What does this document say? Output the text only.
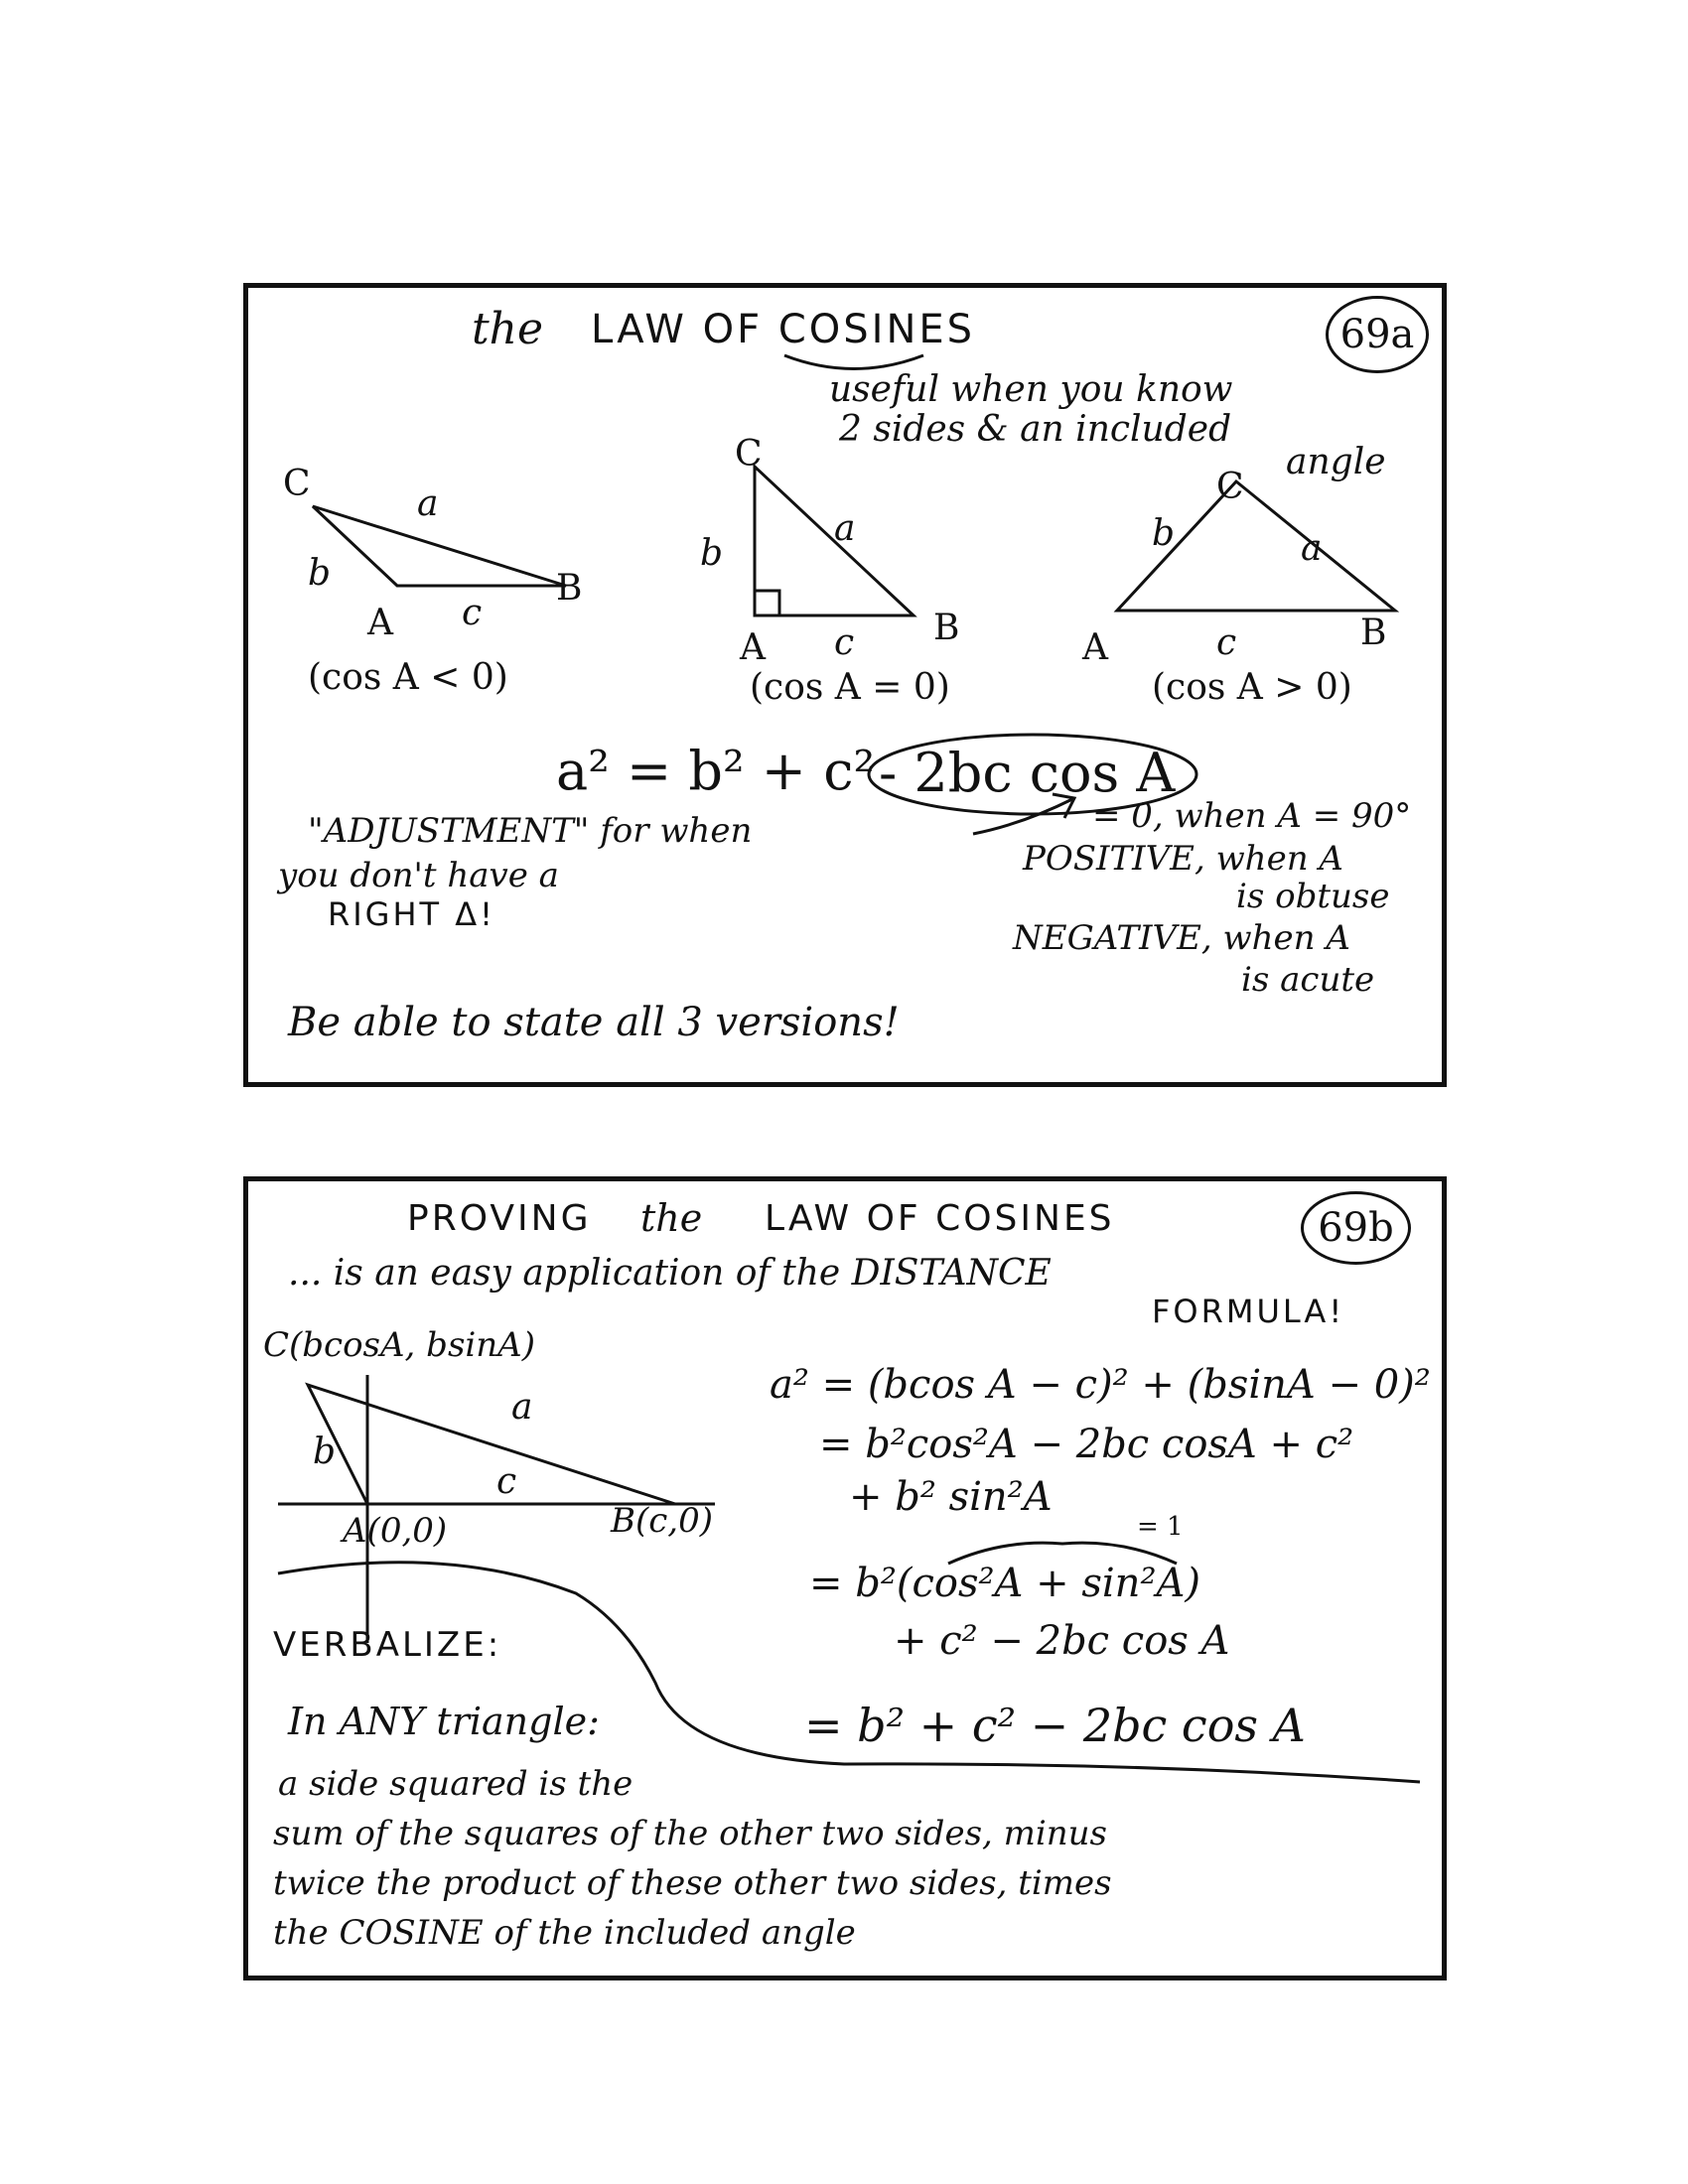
the LAW OF COSINES	69a
useful when you know
2 sides & an included
angle
C	a
b
A c
B
(cos A < 0)
C
a
b
A c B
(cos A = 0)
C
b	a
A	c	B
(cos A > 0)
a² = b² + c² - 2bc cos A
"ADJUSTMENT" for when
you don't have a
RIGHT Δ!
= 0, when A = 90°
POSITIVE, when A
is obtuse
NEGATIVE, when A
is acute
Be able to state all 3 versions!
PROVING the LAW OF COSINES	69b
... is an easy application of the DISTANCE
FORMULA!
C(bcosA, bsinA)
b
a
c
A(0,0)	B(c,0)
a² = (bcos A − c)² + (bsinA − 0)²
= b²cos²A − 2bc cosA + c²
+ b² sin²A
= 1
= b²(cos²A + sin²A)
+ c² − 2bc cos A
= b² + c² − 2bc cos A
VERBALIZE:
In ANY triangle:
a side squared is the
sum of the squares of the other two sides, minus
twice the product of these other two sides, times
the COSINE of the included angle
